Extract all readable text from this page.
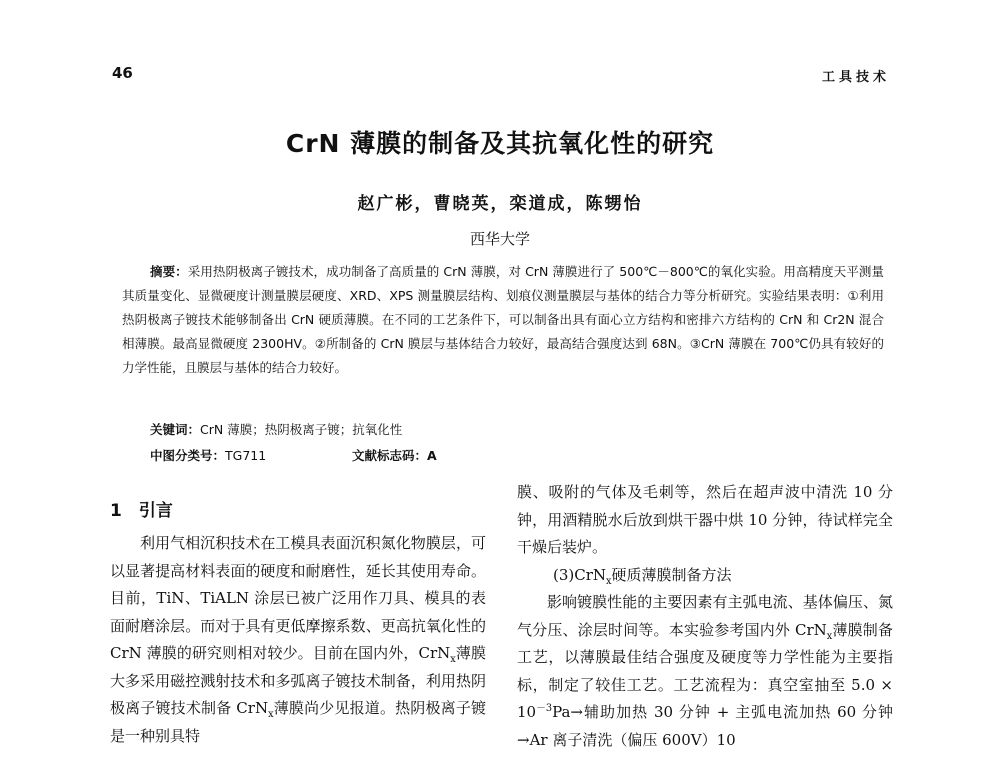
46	工具技术
CrN 薄膜的制备及其抗氧化性的研究
赵广彬，曹晓英，栾道成，陈甥怡
西华大学
摘要：采用热阴极离子镀技术，成功制备了高质量的 CrN 薄膜，对 CrN 薄膜进行了 500℃－800℃的氧化实验。用高精度天平测量其质量变化、显微硬度计测量膜层硬度、XRD、XPS 测量膜层结构、划痕仪测量膜层与基体的结合力等分析研究。实验结果表明：①利用热阴极离子镀技术能够制备出 CrN 硬质薄膜。在不同的工艺条件下，可以制备出具有面心立方结构和密排六方结构的 CrN 和 Cr2N 混合相薄膜。最高显微硬度 2300HV。②所制备的 CrN 膜层与基体结合力较好，最高结合强度达到 68N。③CrN 薄膜在 700℃仍具有较好的力学性能，且膜层与基体的结合力较好。
关键词：CrN 薄膜；热阴极离子镀；抗氧化性
中图分类号：TG711	文献标志码：A
1　引言
利用气相沉积技术在工模具表面沉积氮化物膜层，可以显著提高材料表面的硬度和耐磨性，延长其使用寿命。目前，TiN、TiALN 涂层已被广泛用作刀具、模具的表面耐磨涂层。而对于具有更低摩擦系数、更高抗氧化性的 CrN 薄膜的研究则相对较少。目前在国内外，CrN$_x$薄膜大多采用磁控溅射技术和多弧离子镀技术制备，利用热阴极离子镀技术制备 CrN$_x$薄膜尚少见报道。热阴极离子镀是一种别具特

膜、吸附的气体及毛刺等，然后在超声波中清洗 10 分钟，用酒精脱水后放到烘干器中烘 10 分钟，待试样完全干燥后装炉。

(3)CrN$_x$硬质薄膜制备方法

影响镀膜性能的主要因素有主弧电流、基体偏压、氮气分压、涂层时间等。本实验参考国内外 CrN$_x$薄膜制备工艺，以薄膜最佳结合强度及硬度等力学性能为主要指标，制定了较佳工艺。工艺流程为：真空室抽至 $5.0 \times 10^{-3}Pa\to$辅助加热 30 分钟 + 主弧电流加热 60 分钟→Ar 离子清洗（偏压 600V）10
